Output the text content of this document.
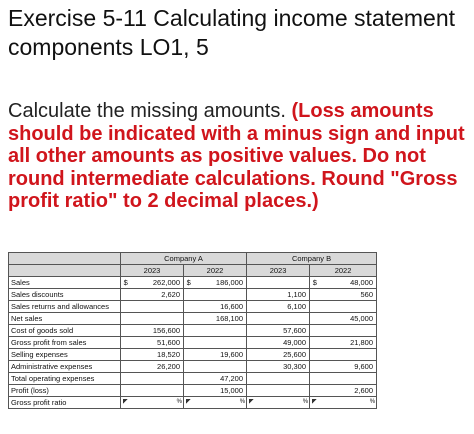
Exercise 5-11 Calculating income statement components LO1, 5
Calculate the missing amounts. (Loss amounts should be indicated with a minus sign and input all other amounts as positive values. Do not round intermediate calculations. Round "Gross profit ratio" to 2 decimal places.)
	Company A				Company B			
	2023		2022		2023		2022	
Sales	$	262,000	$	186,000			$	48,000
Sales discounts		2,620				1,100		560
Sales returns and allowances				16,600		6,100		
Net sales				168,100				45,000
Cost of goods sold		156,600				57,600		
Gross profit from sales		51,600				49,000		21,800
Selling expenses		18,520		19,600		25,600		
Administrative expenses		26,200				30,300		9,600
Total operating expenses				47,200				
Profit (loss)				15,000				2,600
Gross profit ratio	%		%		%		%	
